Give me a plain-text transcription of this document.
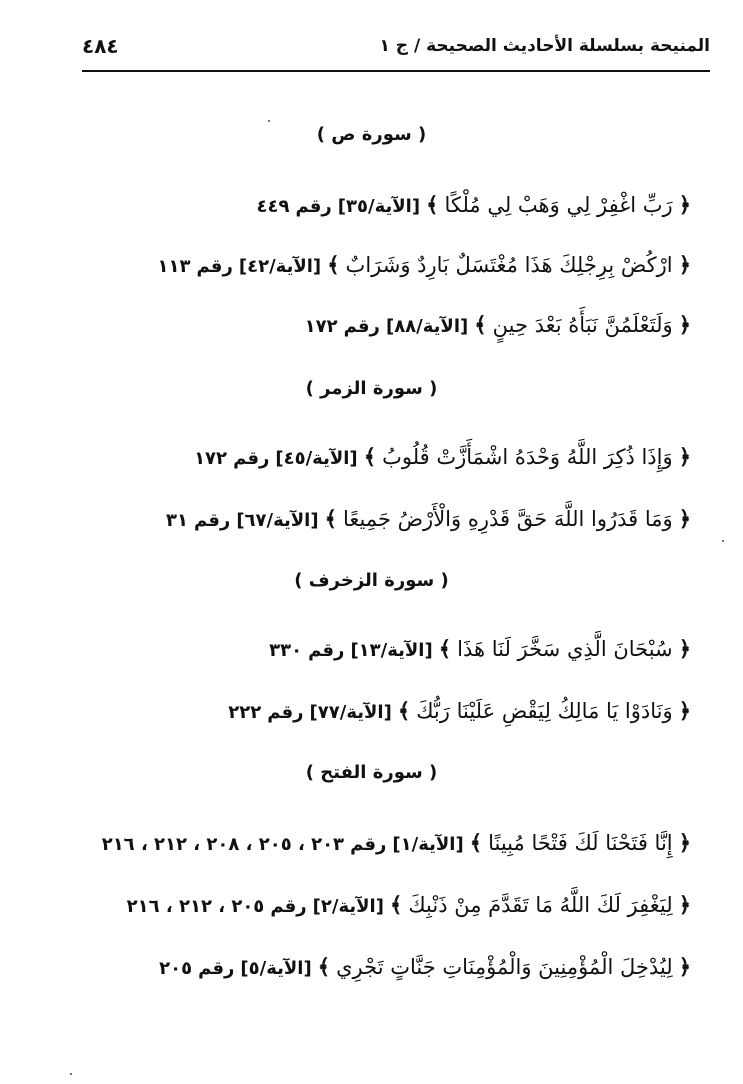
٤٨٤	المنيحة بسلسلة الأحاديث الصحيحة / ج ١
( سورة ص )
﴿ رَبِّ اغْفِرْ لِي وَهَبْ لِي مُلْكًا ﴾ [الآية/٣٥] رقم ٤٤٩
﴿ ارْكُضْ بِرِجْلِكَ هَذَا مُغْتَسَلٌ بَارِدٌ وَشَرَابٌ ﴾ [الآية/٤٢] رقم ١١٣
﴿ وَلَتَعْلَمُنَّ نَبَأَهُ بَعْدَ حِينٍ ﴾ [الآية/٨٨] رقم ١٧٢
( سورة الزمر )
﴿ وَإِذَا ذُكِرَ اللَّهُ وَحْدَهُ اشْمَأَزَّتْ قُلُوبُ ﴾ [الآية/٤٥] رقم ١٧٢
﴿ وَمَا قَدَرُوا اللَّهَ حَقَّ قَدْرِهِ وَالْأَرْضُ جَمِيعًا ﴾ [الآية/٦٧] رقم ٣١
( سورة الزخرف )
﴿ سُبْحَانَ الَّذِي سَخَّرَ لَنَا هَذَا ﴾ [الآية/١٣] رقم ٣٣٠
﴿ وَنَادَوْا يَا مَالِكُ لِيَقْضِ عَلَيْنَا رَبُّكَ ﴾ [الآية/٧٧] رقم ٢٢٢
( سورة الفتح )
﴿ إِنَّا فَتَحْنَا لَكَ فَتْحًا مُبِينًا ﴾ [الآية/١] رقم ٢٠٣ ، ٢٠٥ ، ٢٠٨ ، ٢١٢ ، ٢١٦
﴿ لِيَغْفِرَ لَكَ اللَّهُ مَا تَقَدَّمَ مِنْ ذَنْبِكَ ﴾ [الآية/٢] رقم ٢٠٥ ، ٢١٢ ، ٢١٦
﴿ لِيُدْخِلَ الْمُؤْمِنِينَ وَالْمُؤْمِنَاتِ جَنَّاتٍ تَجْرِي ﴾ [الآية/٥] رقم ٢٠٥
